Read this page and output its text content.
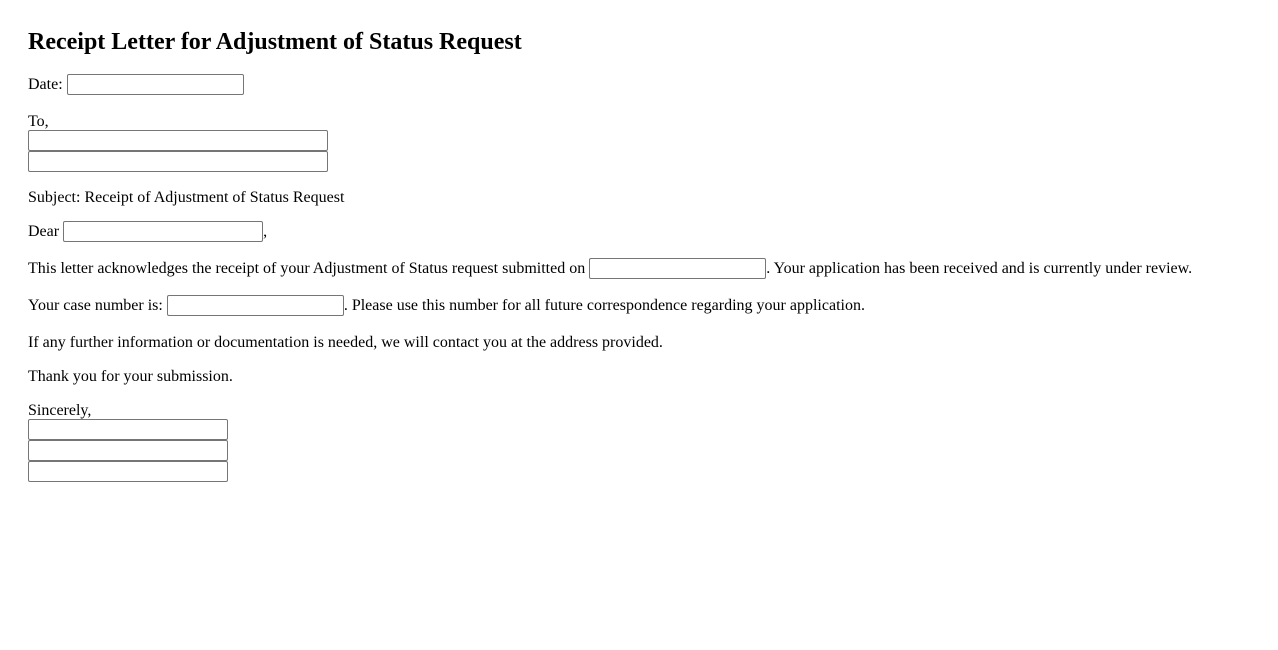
Receipt Letter for Adjustment of Status Request
Date:
To,
Subject: Receipt of Adjustment of Status Request
Dear	,
This letter acknowledges the receipt of your Adjustment of Status request submitted on	. Your application has been received and is currently under review.
Your case number is:	. Please use this number for all future correspondence regarding your application.
If any further information or documentation is needed, we will contact you at the address provided.
Thank you for your submission.
Sincerely,
